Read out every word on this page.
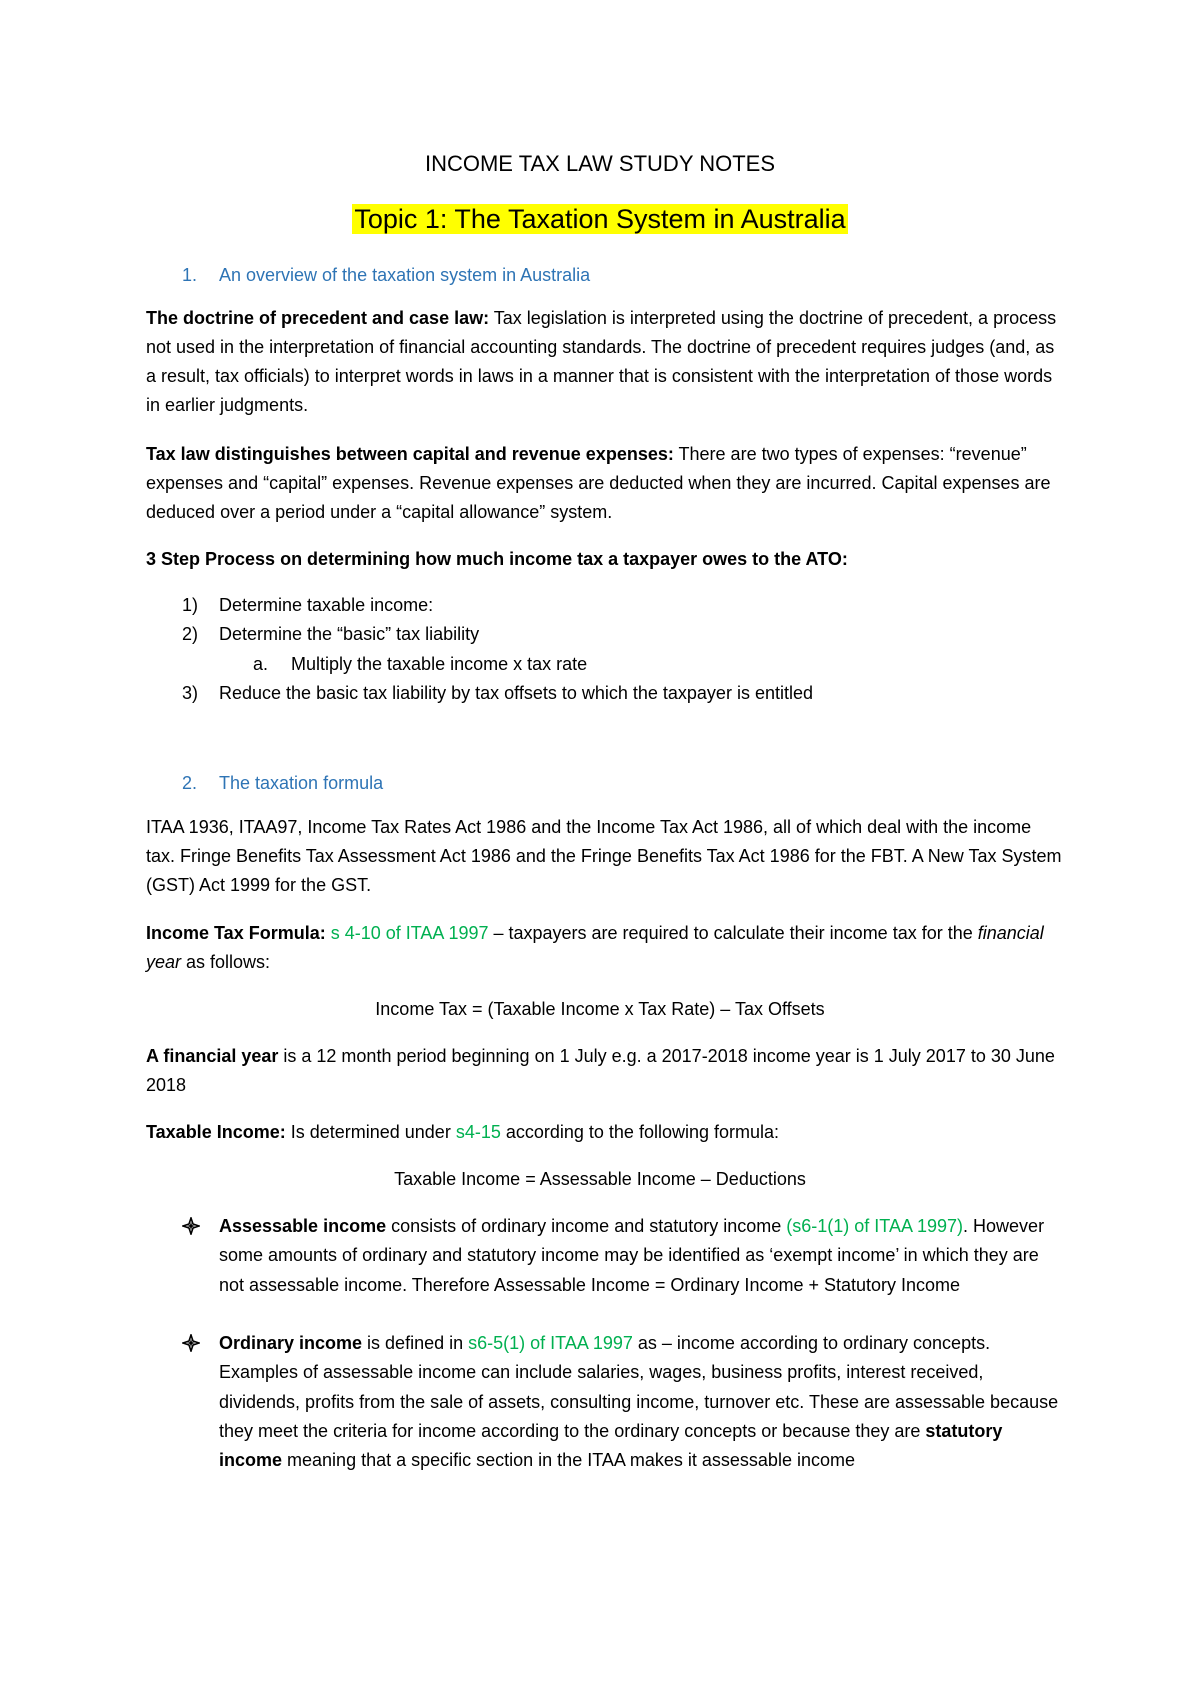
INCOME TAX LAW STUDY NOTES
Topic 1: The Taxation System in Australia
1. An overview of the taxation system in Australia
The doctrine of precedent and case law: Tax legislation is interpreted using the doctrine of precedent, a process not used in the interpretation of financial accounting standards. The doctrine of precedent requires judges (and, as a result, tax officials) to interpret words in laws in a manner that is consistent with the interpretation of those words in earlier judgments.
Tax law distinguishes between capital and revenue expenses: There are two types of expenses: “revenue” expenses and “capital” expenses. Revenue expenses are deducted when they are incurred. Capital expenses are deduced over a period under a “capital allowance” system.
3 Step Process on determining how much income tax a taxpayer owes to the ATO:
1) Determine taxable income:
2) Determine the “basic” tax liability
a. Multiply the taxable income x tax rate
3) Reduce the basic tax liability by tax offsets to which the taxpayer is entitled
2. The taxation formula
ITAA 1936, ITAA97, Income Tax Rates Act 1986 and the Income Tax Act 1986, all of which deal with the income tax. Fringe Benefits Tax Assessment Act 1986 and the Fringe Benefits Tax Act 1986 for the FBT. A New Tax System (GST) Act 1999 for the GST.
Income Tax Formula: s 4-10 of ITAA 1997 – taxpayers are required to calculate their income tax for the financial year as follows:
Income Tax = (Taxable Income x Tax Rate) – Tax Offsets
A financial year is a 12 month period beginning on 1 July e.g. a 2017-2018 income year is 1 July 2017 to 30 June 2018
Taxable Income: Is determined under s4-15 according to the following formula:
Taxable Income = Assessable Income – Deductions
Assessable income consists of ordinary income and statutory income (s6-1(1) of ITAA 1997). However some amounts of ordinary and statutory income may be identified as ‘exempt income’ in which they are not assessable income. Therefore Assessable Income = Ordinary Income + Statutory Income
Ordinary income is defined in s6-5(1) of ITAA 1997 as – income according to ordinary concepts. Examples of assessable income can include salaries, wages, business profits, interest received, dividends, profits from the sale of assets, consulting income, turnover etc. These are assessable because they meet the criteria for income according to the ordinary concepts or because they are statutory income meaning that a specific section in the ITAA makes it assessable income
